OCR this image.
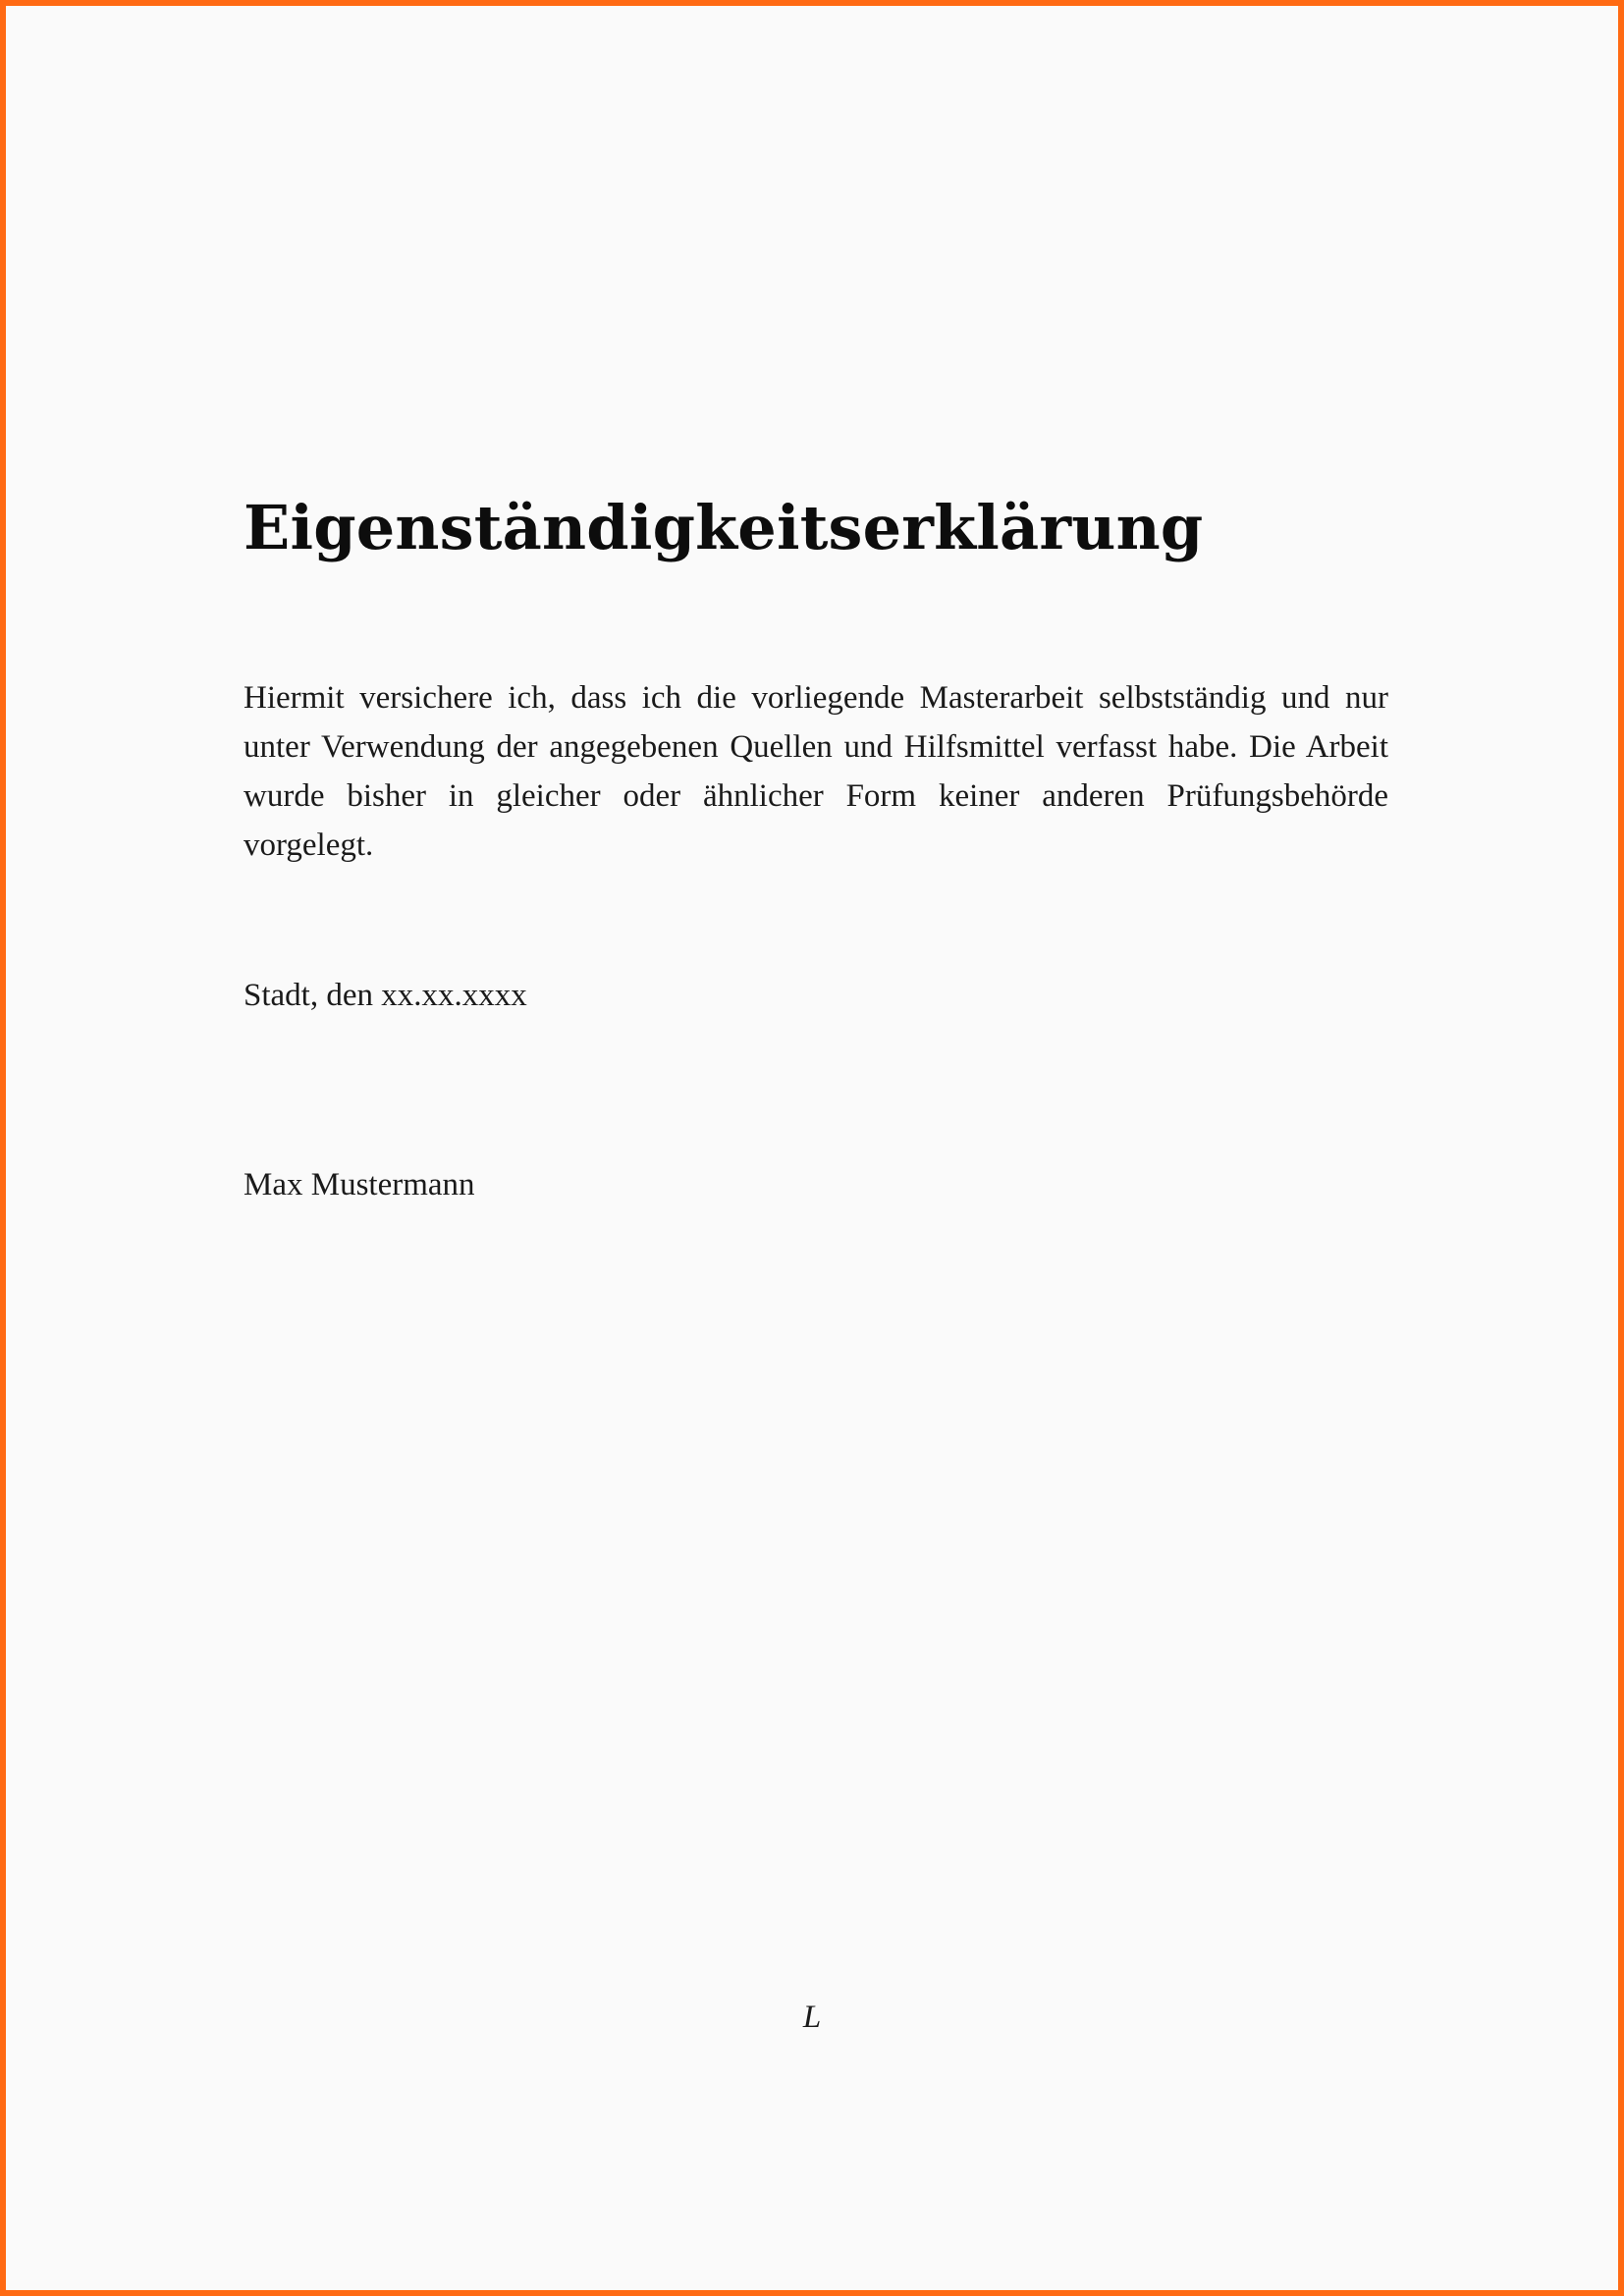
Eigenständigkeitserklärung

Hiermit versichere ich, dass ich die vorliegende Masterarbeit selbstständig und nur unter Verwendung der angegebenen Quellen und Hilfsmittel verfasst habe. Die Arbeit wurde bisher in gleicher oder ähnlicher Form keiner anderen Prüfungsbehörde vorgelegt.

Stadt, den xx.xx.xxxx

Max Mustermann

L
